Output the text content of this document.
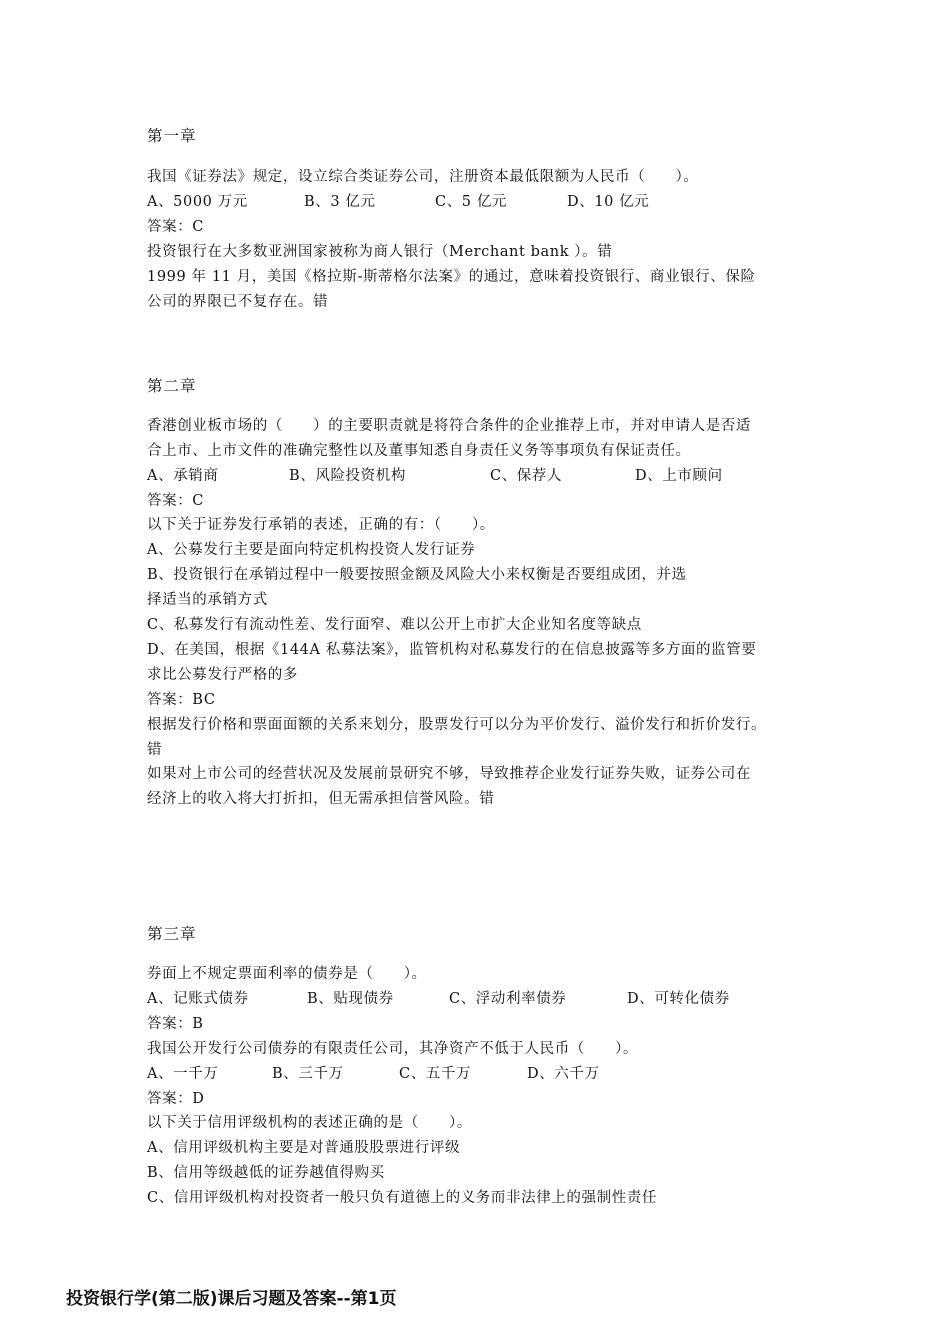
第一章
我国《证券法》规定，设立综合类证券公司，注册资本最低限额为人民币（　　）。
A、5000 万元	B、3 亿元	C、5 亿元	D、10 亿元
答案：C
投资银行在大多数亚洲国家被称为商人银行（Merchant bank ）。错
1999 年 11 月，美国《格拉斯-斯蒂格尔法案》的通过，意味着投资银行、商业银行、保险
公司的界限已不复存在。错
第二章
香港创业板市场的（　　）的主要职责就是将符合条件的企业推荐上市，并对申请人是否适
合上市、上市文件的准确完整性以及董事知悉自身责任义务等事项负有保证责任。
A、承销商	B、风险投资机构	C、保荐人	D、上市顾问
答案：C
以下关于证券发行承销的表述，正确的有：（　　）。
A、公募发行主要是面向特定机构投资人发行证券
B、投资银行在承销过程中一般要按照金额及风险大小来权衡是否要组成团，并选
择适当的承销方式
C、私募发行有流动性差、发行面窄、难以公开上市扩大企业知名度等缺点
D、在美国，根据《144A 私募法案》，监管机构对私募发行的在信息披露等多方面的监管要
求比公募发行严格的多
答案：BC
根据发行价格和票面面额的关系来划分，股票发行可以分为平价发行、溢价发行和折价发行。
错
如果对上市公司的经营状况及发展前景研究不够，导致推荐企业发行证券失败，证券公司在
经济上的收入将大打折扣，但无需承担信誉风险。错
第三章
券面上不规定票面利率的债券是（　　）。
A、记账式债券	B、贴现债券	C、浮动利率债券	D、可转化债券
答案：B
我国公开发行公司债券的有限责任公司，其净资产不低于人民币（　　）。
A、一千万	B、三千万	C、五千万	D、六千万
答案：D
以下关于信用评级机构的表述正确的是（　　）。
A、信用评级机构主要是对普通股股票进行评级
B、信用等级越低的证券越值得购买
C、信用评级机构对投资者一般只负有道德上的义务而非法律上的强制性责任
投资银行学(第二版)课后习题及答案--第1页
